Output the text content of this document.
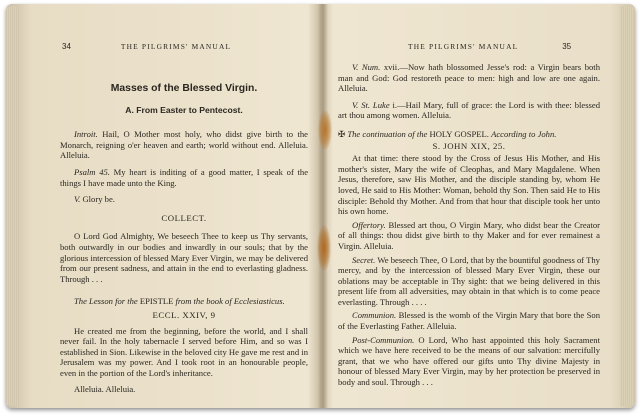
34	THE PILGRIMS' MANUAL
Masses of the Blessed Virgin.
A. From Easter to Pentecost.

Introit. Hail, O Mother most holy, who didst give birth to the Monarch, reigning o'er heaven and earth; world without end. Alleluia. Alleluia.

Psalm 45. My heart is inditing of a good matter, I speak of the things I have made unto the King.

V. Glory be.

COLLECT.

O Lord God Almighty, We beseech Thee to keep us Thy servants, both outwardly in our bodies and inwardly in our souls; that by the glorious intercession of blessed Mary Ever Virgin, we may be delivered from our present sadness, and attain in the end to everlasting gladness. Through . . .

The Lesson for the EPISTLE from the book of Ecclesiasticus.

ECCL. XXIV, 9

He created me from the beginning, before the world, and I shall never fail. In the holy tabernacle I served before Him, and so was I established in Sion. Likewise in the beloved city He gave me rest and in Jerusalem was my power. And I took root in an honourable people, even in the portion of the Lord's inheritance.

Alleluia. Alleluia.

THE PILGRIMS' MANUAL	35

V. Num. xvii.—Now hath blossomed Jesse's rod: a Virgin bears both man and God: God restoreth peace to men: high and low are one again. Alleluia.

V. St. Luke i.—Hail Mary, full of grace: the Lord is with thee: blessed art thou among women. Alleluia.

✠ The continuation of the HOLY GOSPEL. According to John.

S. JOHN XIX, 25.

At that time: there stood by the Cross of Jesus His Mother, and His mother's sister, Mary the wife of Cleophas, and Mary Magdalene. When Jesus, therefore, saw His Mother, and the disciple standing by, whom He loved, He said to His Mother: Woman, behold thy Son. Then said He to His disciple: Behold thy Mother. And from that hour that disciple took her unto his own home.

Offertory. Blessed art thou, O Virgin Mary, who didst bear the Creator of all things: thou didst give birth to thy Maker and for ever remainest a Virgin. Alleluia.

Secret. We beseech Thee, O Lord, that by the bountiful goodness of Thy mercy, and by the intercession of blessed Mary Ever Virgin, these our oblations may be acceptable in Thy sight: that we being delivered in this present life from all adversities, may obtain in that which is to come peace everlasting. Through . . . .

Communion. Blessed is the womb of the Virgin Mary that bore the Son of the Everlasting Father. Alleluia.

Post-Communion. O Lord, Who hast appointed this holy Sacrament which we have here received to be the means of our salvation: mercifully grant, that we who have offered our gifts unto Thy divine Majesty in honour of blessed Mary Ever Virgin, may by her protection be preserved in body and soul. Through . . .
